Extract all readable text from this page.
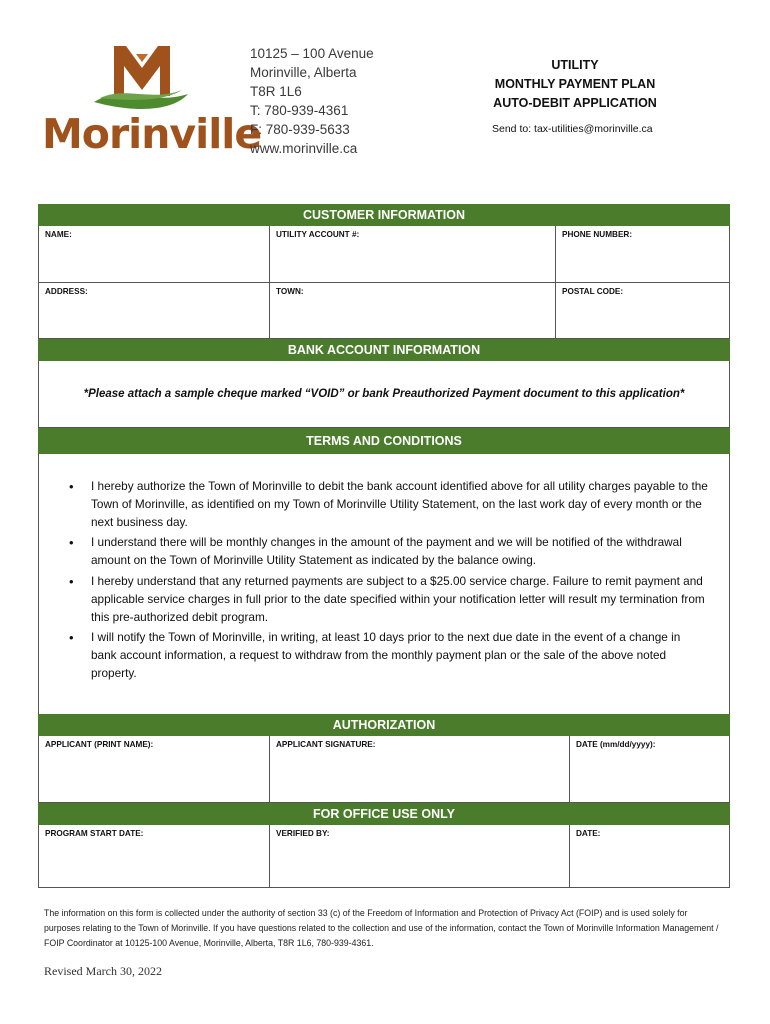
Morinville
10125 – 100 Avenue
Morinville, Alberta
T8R 1L6
T: 780-939-4361
F: 780-939-5633
www.morinville.ca
UTILITY
MONTHLY PAYMENT PLAN
AUTO-DEBIT APPLICATION
Send to: tax-utilities@morinville.ca
CUSTOMER INFORMATION
NAME:	UTILITY ACCOUNT #:	PHONE NUMBER:
ADDRESS:	TOWN:	POSTAL CODE:
BANK ACCOUNT INFORMATION
*Please attach a sample cheque marked “VOID” or bank Preauthorized Payment document to this application*
TERMS AND CONDITIONS
• I hereby authorize the Town of Morinville to debit the bank account identified above for all utility charges payable to the Town of Morinville, as identified on my Town of Morinville Utility Statement, on the last work day of every month or the next business day.
• I understand there will be monthly changes in the amount of the payment and we will be notified of the withdrawal amount on the Town of Morinville Utility Statement as indicated by the balance owing.
• I hereby understand that any returned payments are subject to a $25.00 service charge. Failure to remit payment and applicable service charges in full prior to the date specified within your notification letter will result my termination from this pre-authorized debit program.
• I will notify the Town of Morinville, in writing, at least 10 days prior to the next due date in the event of a change in bank account information, a request to withdraw from the monthly payment plan or the sale of the above noted property.
AUTHORIZATION
APPLICANT (PRINT NAME):	APPLICANT SIGNATURE:	DATE (mm/dd/yyyy):
FOR OFFICE USE ONLY
PROGRAM START DATE:	VERIFIED BY:	DATE:
The information on this form is collected under the authority of section 33 (c) of the Freedom of Information and Protection of Privacy Act (FOIP) and is used solely for purposes relating to the Town of Morinville. If you have questions related to the collection and use of the information, contact the Town of Morinville Information Management / FOIP Coordinator at 10125-100 Avenue, Morinville, Alberta, T8R 1L6, 780-939-4361.
Revised March 30, 2022
